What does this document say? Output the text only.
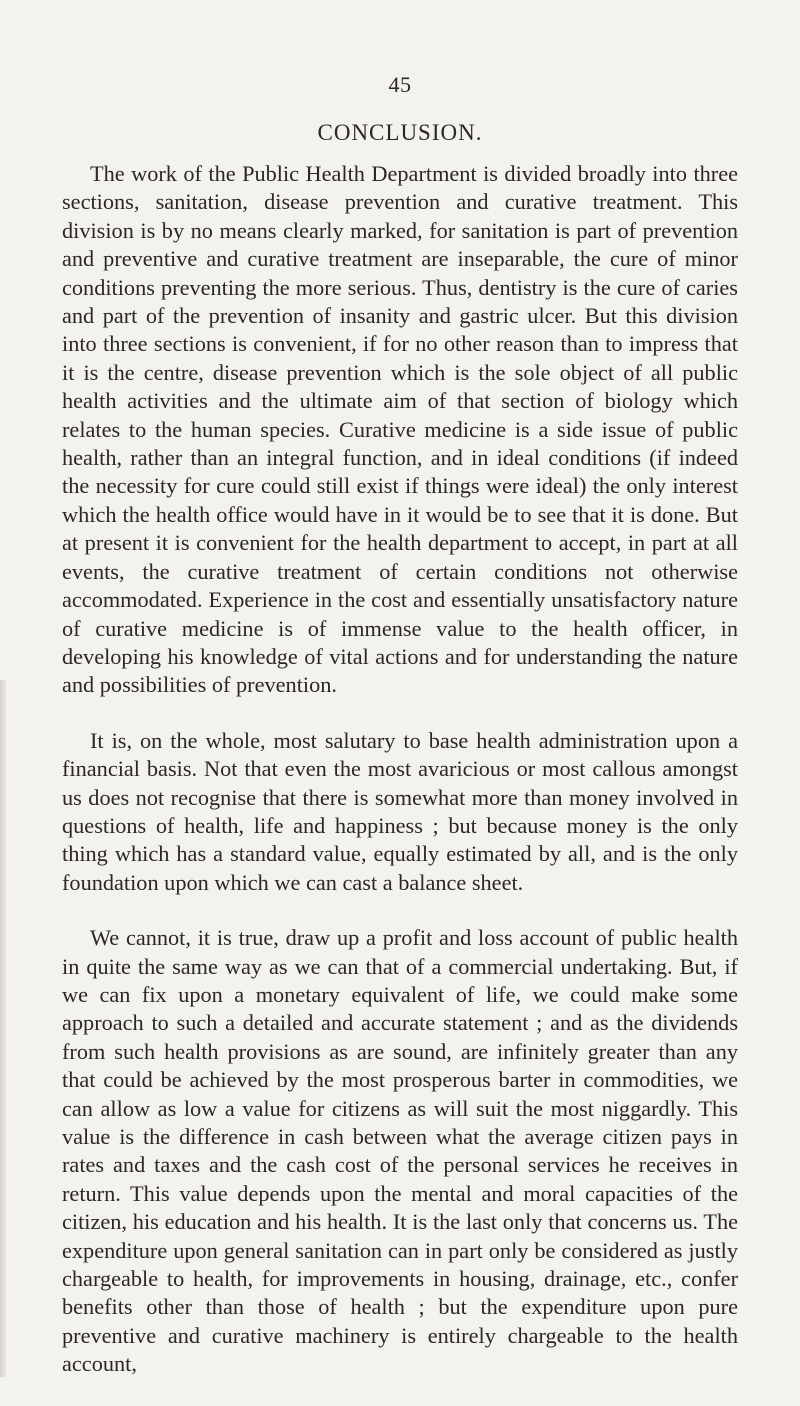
45
CONCLUSION.

The work of the Public Health Department is divided broadly into three sections, sanitation, disease prevention and curative treatment. This division is by no means clearly marked, for sanitation is part of prevention and preventive and curative treatment are inseparable, the cure of minor conditions preventing the more serious. Thus, dentistry is the cure of caries and part of the prevention of insanity and gastric ulcer. But this division into three sections is convenient, if for no other reason than to impress that it is the centre, disease prevention which is the sole object of all public health activities and the ultimate aim of that section of biology which relates to the human species. Curative medicine is a side issue of public health, rather than an integral function, and in ideal conditions (if indeed the necessity for cure could still exist if things were ideal) the only interest which the health office would have in it would be to see that it is done. But at present it is convenient for the health department to accept, in part at all events, the curative treatment of certain conditions not otherwise accommodated. Experience in the cost and essentially unsatisfactory nature of curative medicine is of immense value to the health officer, in developing his knowledge of vital actions and for understanding the nature and possibilities of prevention.

It is, on the whole, most salutary to base health administration upon a financial basis. Not that even the most avaricious or most callous amongst us does not recognise that there is somewhat more than money involved in questions of health, life and happiness ; but because money is the only thing which has a standard value, equally estimated by all, and is the only foundation upon which we can cast a balance sheet.

We cannot, it is true, draw up a profit and loss account of public health in quite the same way as we can that of a commercial undertaking. But, if we can fix upon a monetary equivalent of life, we could make some approach to such a detailed and accurate statement ; and as the dividends from such health provisions as are sound, are infinitely greater than any that could be achieved by the most prosperous barter in commodities, we can allow as low a value for citizens as will suit the most niggardly. This value is the difference in cash between what the average citizen pays in rates and taxes and the cash cost of the personal services he receives in return. This value depends upon the mental and moral capacities of the citizen, his education and his health. It is the last only that concerns us. The expenditure upon general sanitation can in part only be considered as justly chargeable to health, for improvements in housing, drainage, etc., confer benefits other than those of health ; but the expenditure upon pure preventive and curative machinery is entirely chargeable to the health account,
